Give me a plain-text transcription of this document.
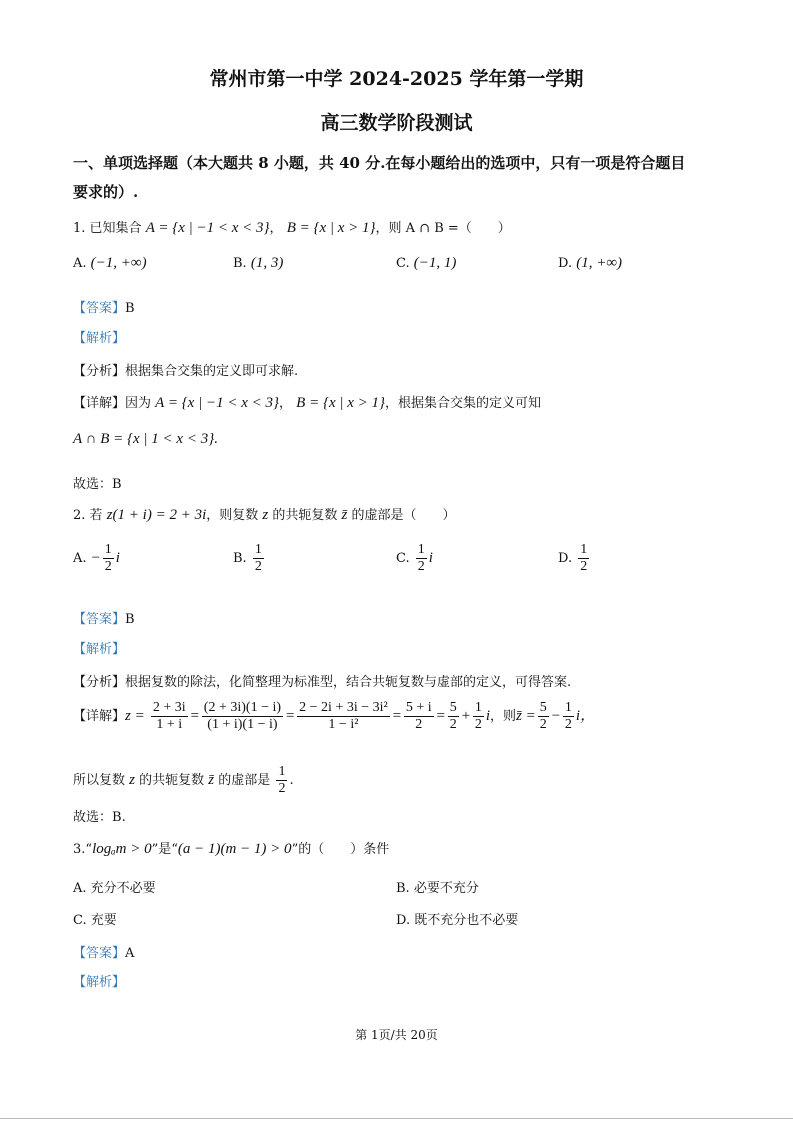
常州市第一中学 2024-2025 学年第一学期
高三数学阶段测试
一、单项选择题（本大题共 8 小题，共 40 分.在每小题给出的选项中，只有一项是符合题目
要求的）.
1. 已知集合 A = {x | −1 < x < 3}， B = {x | x > 1}，则 A ∩ B =（　　）
A. (−1, +∞)	B. (1, 3)	C. (−1, 1)	D. (1, +∞)
【答案】B
【解析】
【分析】根据集合交集的定义即可求解.
【详解】因为 A = {x | −1 < x < 3}， B = {x | x > 1}，根据集合交集的定义可知
A ∩ B = {x | 1 < x < 3}.
故选：B
2. 若 z(1 + i) = 2 + 3i，则复数 z 的共轭复数 z̄ 的虚部是（　　）
A. − $\frac{1}{2}$ i	B. $\frac{1}{2}$	C. $\frac{1}{2}$ i	D. $\frac{1}{2}$
【答案】B
【解析】
【分析】根据复数的除法，化简整理为标准型，结合共轭复数与虚部的定义，可得答案.
【详解】$z = \frac{2 + 3i}{1 + i} = \frac{(2 + 3i)(1 - i)}{(1 + i)(1 - i)} = \frac{\text{2 − 2i + 3i − 3i²}}{\text{1 − i²}} = \frac{5 + i}{2} = \frac{5}{2} + \frac{1}{2}$ i，则z̄ = $\frac{5}{2} - \frac{1}{2}$ i，
所以复数 z 的共轭复数 z̄ 的虚部是 $\frac{1}{2}$ .
故选：B.
3.“logₐm > 0”是“(a − 1)(m − 1) > 0”的（　　）条件
A. 充分不必要	B. 必要不充分
C. 充要	D. 既不充分也不必要
【答案】A
【解析】
第 1页/共 20页
